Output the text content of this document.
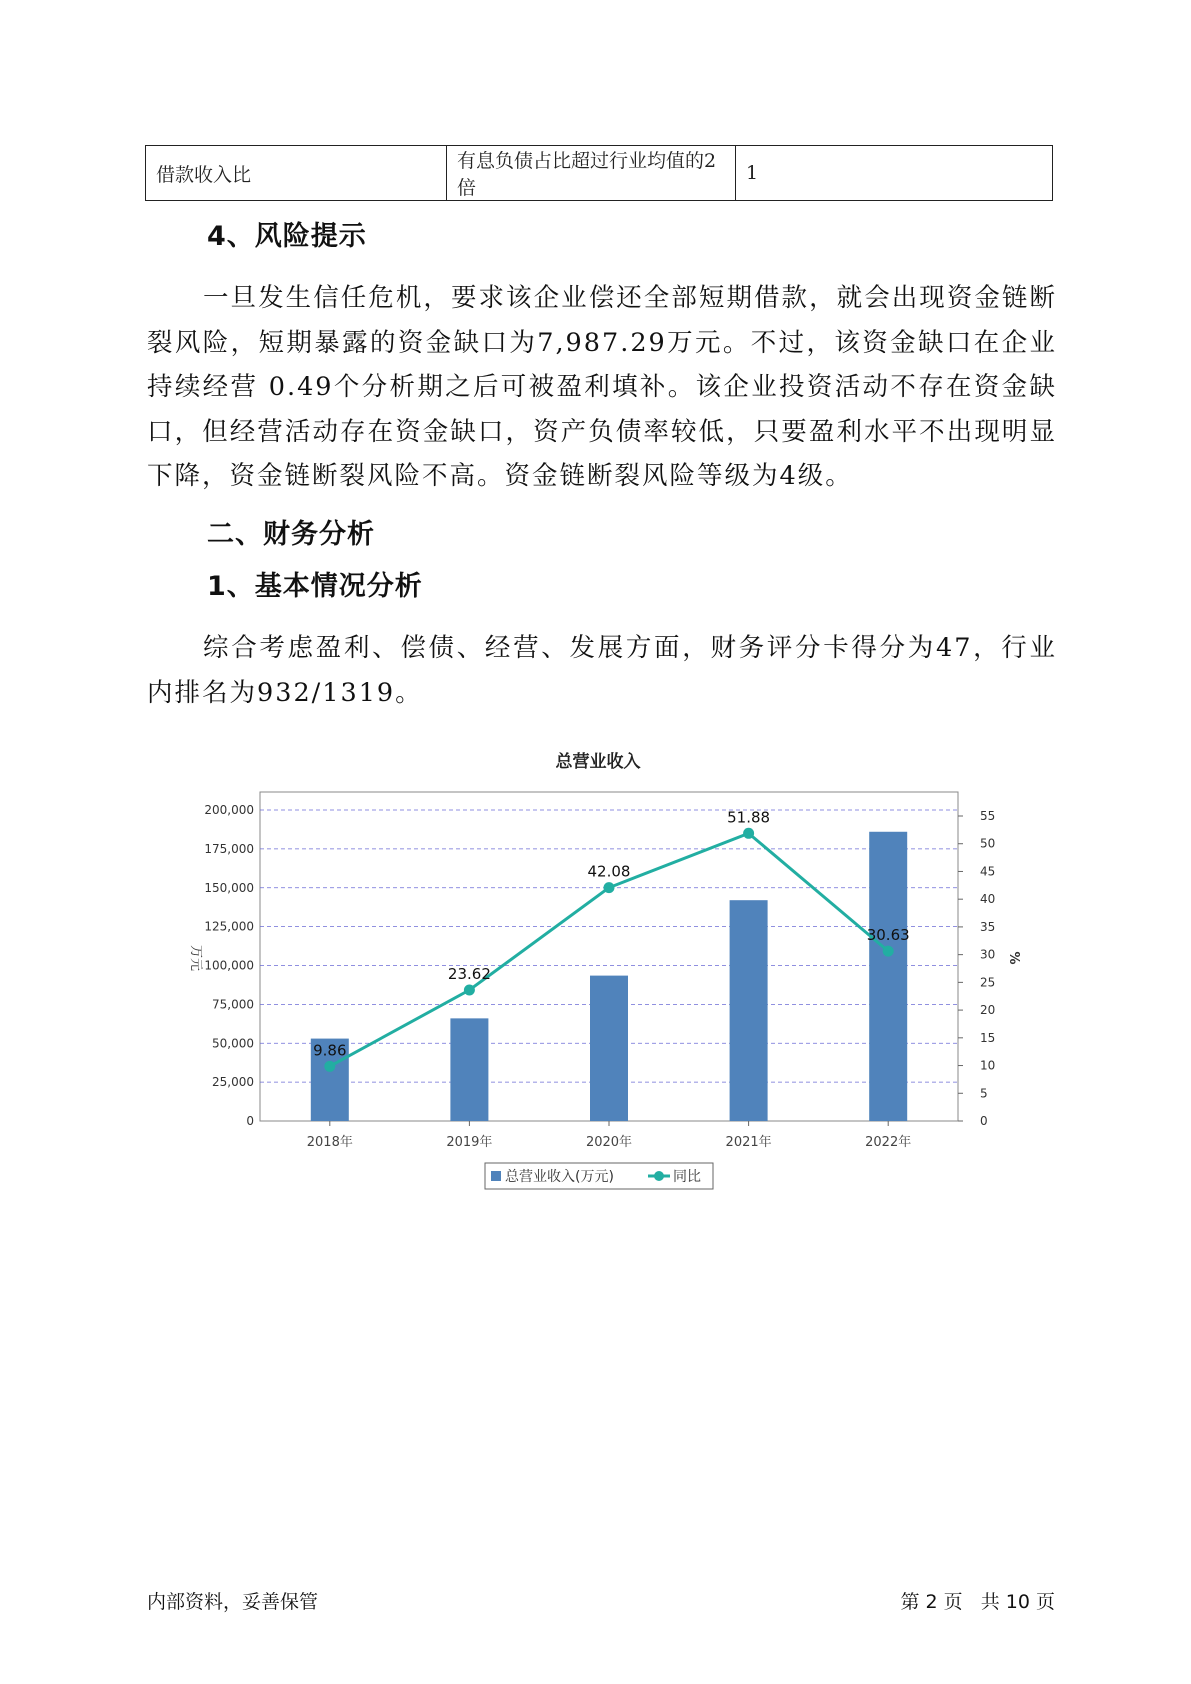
借款收入比	有息负债占比超过行业均值的2倍	1
4、风险提示
一旦发生信任危机，要求该企业偿还全部短期借款，就会出现资金链断裂风险，短期暴露的资金缺口为7,987.29万元。不过，该资金缺口在企业持续经营 0.49个分析期之后可被盈利填补。该企业投资活动不存在资金缺口，但经营活动存在资金缺口，资产负债率较低，只要盈利水平不出现明显下降，资金链断裂风险不高。资金链断裂风险等级为4级。
二、财务分析
1、基本情况分析
综合考虑盈利、偿债、经营、发展方面，财务评分卡得分为47，行业内排名为932/1319。
总营业收入
0
25,000
50,000
75,000
100,000
125,000
150,000
175,000
200,000
0
5
10
15
20
25
30
35
40
45
50
55
万元	%
2018年	2019年	2020年	2021年	2022年
9.86
23.62
42.08
51.88
30.63
总营业收入(万元)	同比
内部资料，妥善保管	第 2 页   共 10 页
